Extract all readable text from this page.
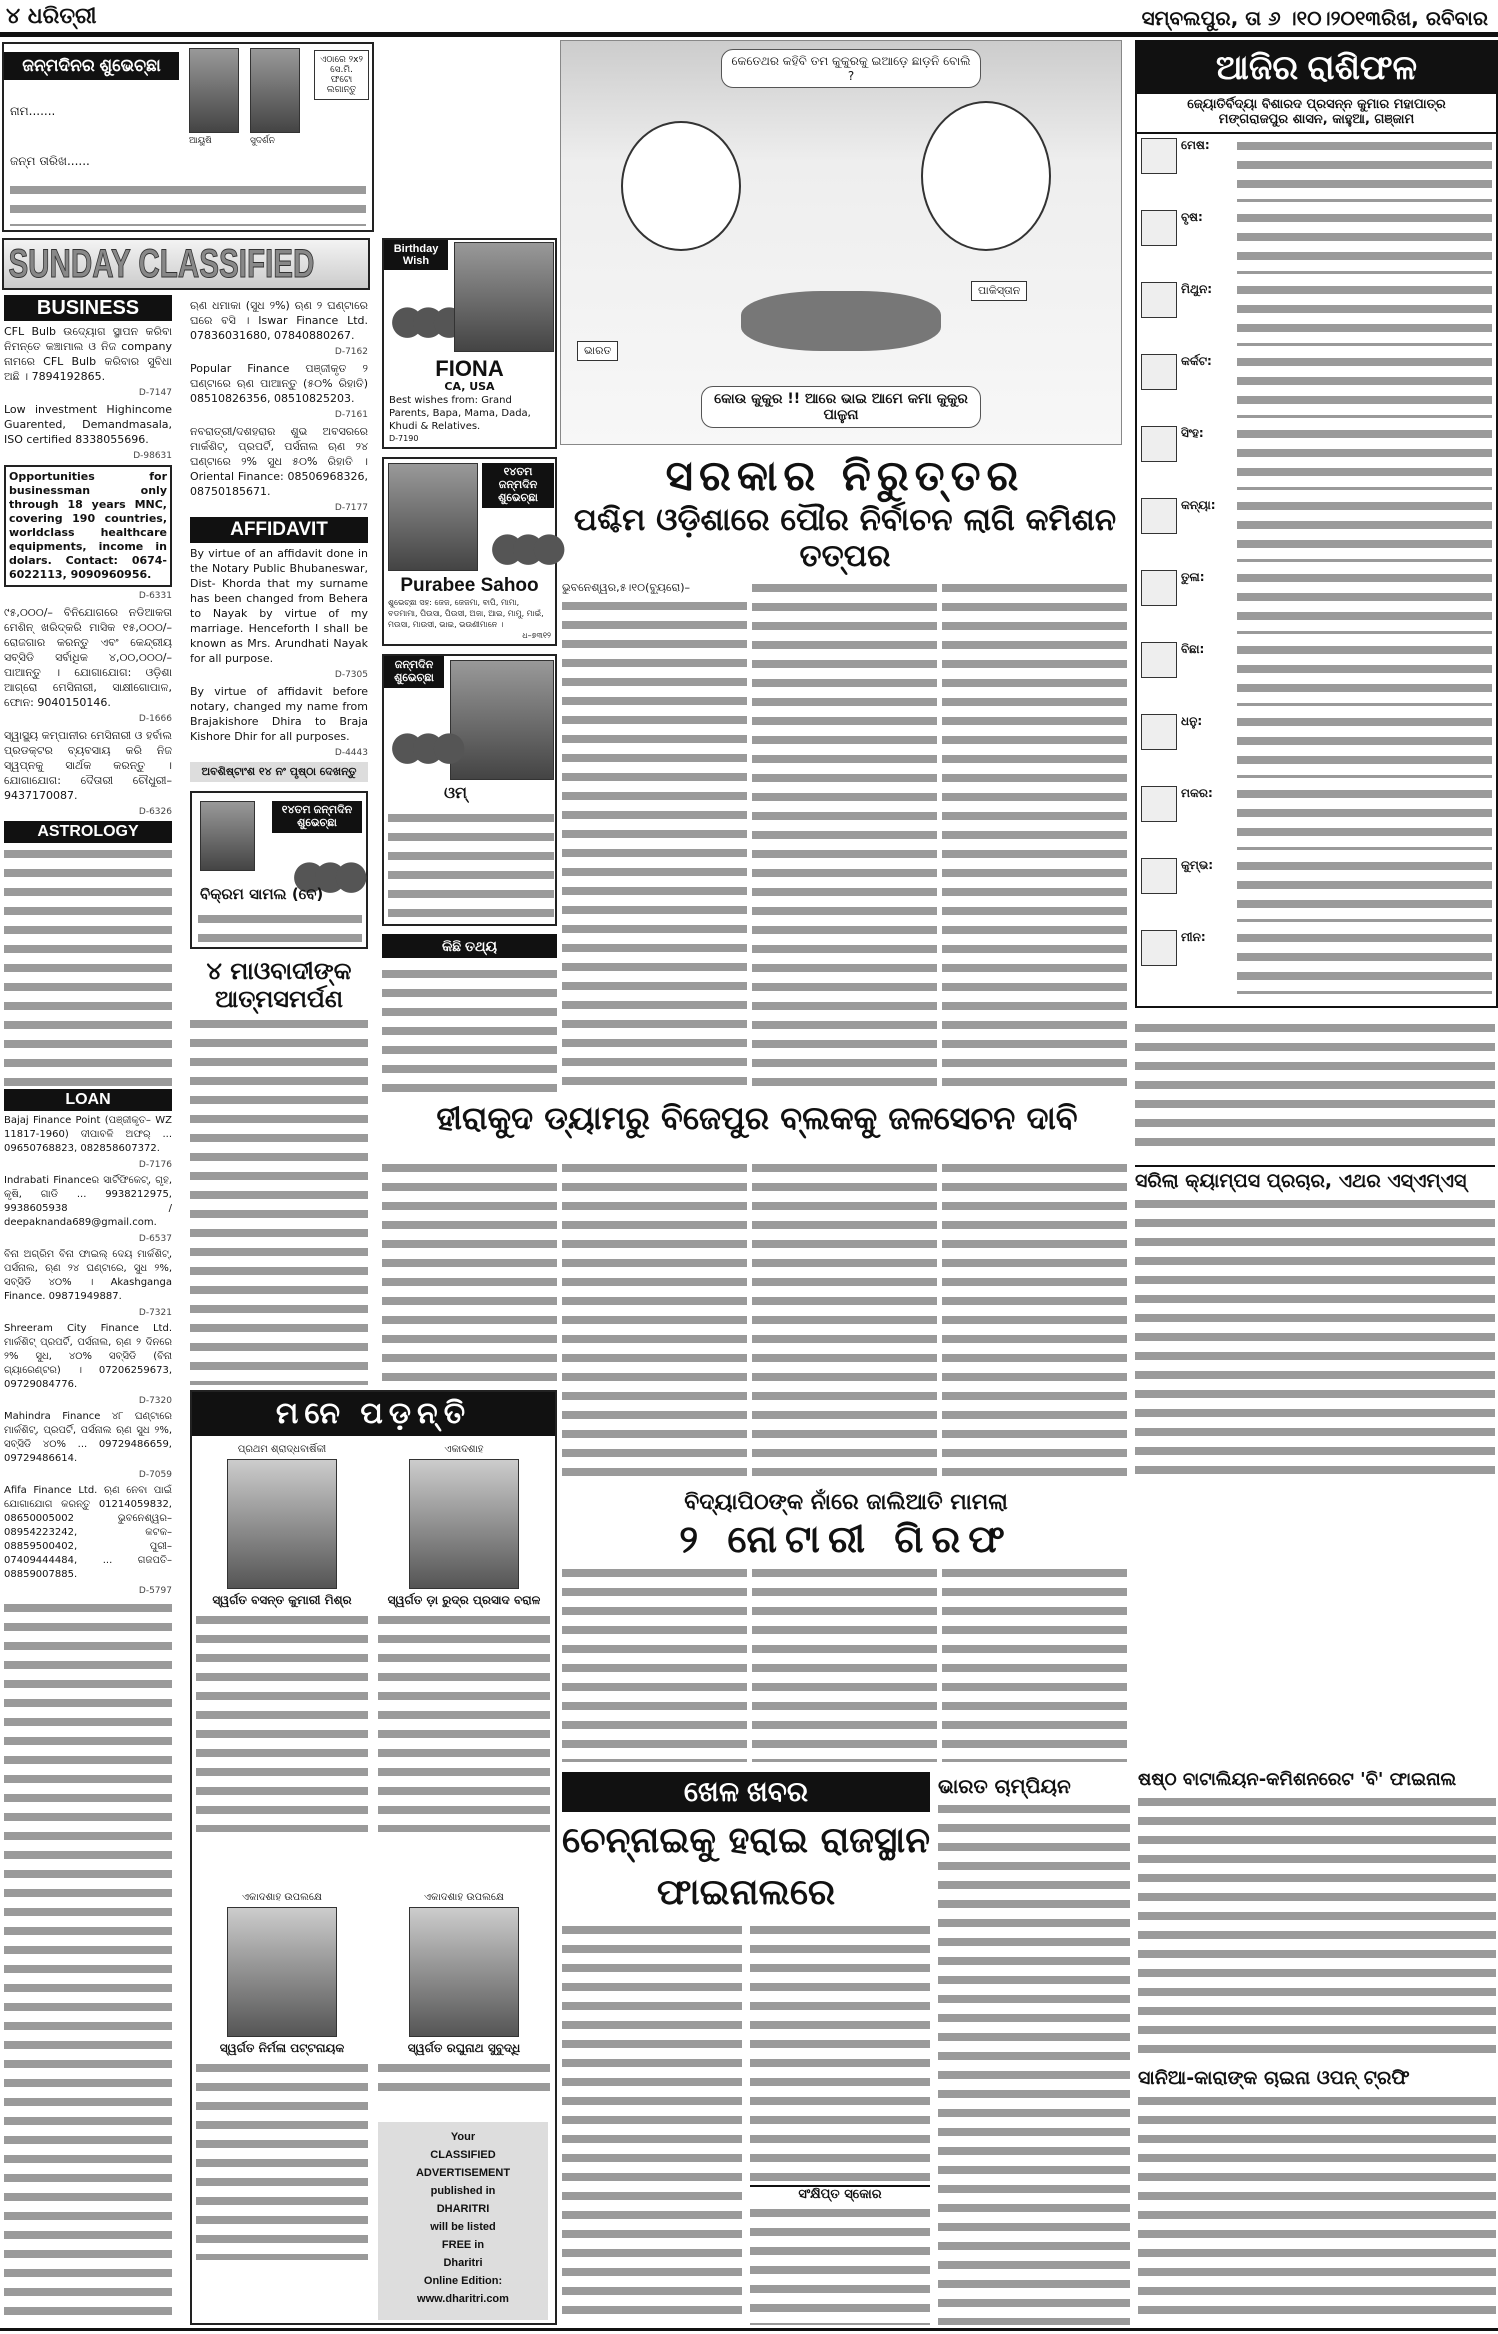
୪ ଧରିତ୍ରୀ	ସମ୍ବଲପୁର, ତା ୬ ।୧୦।୨୦୧୩ରିଖ, ରବିବାର
ଜନ୍ମଦିନର ଶୁଭେଚ୍ଛା
ନାମ.......
ଜନ୍ମ ତାରିଖ......
ଆୟୁଷି	ସୁଦର୍ଶନ
ଏଠାରେ ୨x୨ ସେ.ମି. ଫଟୋ ଲଗାନ୍ତୁ
SUNDAY CLASSIFIED
BUSINESS
CFL Bulb ଉଦ୍ୟୋଗ ସ୍ଥାପନ କରିବା ନିମନ୍ତେ କଞ୍ଚାମାଲ ଓ ନିଜ company ନାମରେ CFL Bulb କରିବାର ସୁବିଧା ଅଛି । 7894192865.
D-7147
Low investment Highincome Guarented, Demandmasala, ISO certified 8338055696.
D-98631
Opportunities for businessman only through 18 years MNC, covering 190 countries, worldclass healthcare equipments, income in dolars. Contact: 0674-6022113, 9090960956.
D-6331
୯୫,୦୦୦/– ବିନିଯୋଗରେ ନଡିଆକତା ମେଶିନ୍ ଖରିଦ୍‌କରି ମାସିକ ୧୫,୦୦୦/– ରୋଜଗାର କରନ୍ତୁ ଏବଂ କେନ୍ଦ୍ରୀୟ ସବ୍‌ସିଡି ସର୍ବାଧିକ ୪,୦୦,୦୦୦/– ପାଆନ୍ତୁ । ଯୋଗାଯୋଗ: ଓଡ଼ିଶା ଆଗ୍ରୋ ମେସିନାରୀ, ସାକ୍ଷୀଗୋପାଳ, ଫୋନ: 9040150146.
D-1666
ସ୍ୱାସ୍ଥ୍ୟ କମ୍ପାନୀର ମେସିନାରୀ ଓ ହର୍ବାଲ ପ୍ରଡକ୍ଟର ବ୍ୟବସାୟ କରି ନିଜ ସ୍ୱପ୍ନକୁ ସାର୍ଥକ କରନ୍ତୁ । ଯୋଗାଯୋଗ: ଦୈତାରୀ ଚୌଧୁରୀ– 9437170087.
D-6326
ASTROLOGY
LOAN
Bajaj Finance Point (ପଞ୍ଜୀକୃତ– WZ 11817-1960) ଦୀପାବଳି ଅଫର୍ ... 09650768823, 082858607372.
D-7176
Indrabati Financeର ସାର୍ଟିଫିକେଟ୍, ଗୃହ, କୃଷି, ଗାଡି ... 9938212975, 9938605938 / deepaknanda689@gmail.com.
D-6537
ବିନା ଅଗ୍ରିମ ବିନା ଫାଇଲ୍ ଦେୟ ମାର୍କଶିଟ୍, ପର୍ସନାଲ, ଋଣ ୨୪ ଘଣ୍ଟାରେ, ସୁଧ ୨%, ସବ୍‌ସିଡି ୪୦% । Akashganga Finance. 09871949887.
D-7321
Shreeram City Finance Ltd. ମାର୍କଶିଟ୍ ପ୍ରପର୍ଟି, ପର୍ସନାଲ, ଋଣ ୨ ଦିନରେ ୨% ସୁଧ, ୪୦% ସବ୍‌ସିଡି (ବିନା ଗ୍ୟାରେଣ୍ଟର) । 07206259673, 09729084776.
D-7320
Mahindra Finance ୪୮ ଘଣ୍ଟାରେ ମାର୍କଶିଟ୍, ପ୍ରପର୍ଟି, ପର୍ସନାଲ ଋଣ ସୁଧ ୨%, ସବ୍‌ସିଡି ୪୦% ... 09729486659, 09729486614.
D-7059
Afifa Finance Ltd. ଋଣ ନେବା ପାଇଁ ଯୋଗାଯୋଗ କରନ୍ତୁ 01214059832, 08650005002 ଭୁବନେଶ୍ୱର– 08954223242, କଟକ– 08859500402, ପୁରୀ– 07409444484, ... ଗଜପତି– 08859007885.
D-5797
ଋଣ ଧମାକା (ସୁଧ ୨%) ଋଣ ୨ ଘଣ୍ଟାରେ ଘରେ ବସି । Iswar Finance Ltd. 07836031680, 07840880267.
D-7162
Popular Finance ପଞ୍ଜୀକୃତ ୨ ଘଣ୍ଟାରେ ଋଣ ପାଆନ୍ତୁ (୫୦% ରିହାତି) 08510826356, 08510825203.
D-7161
ନବରାତ୍ରୀ/ଦଶହରାର ଶୁଭ ଅବସରରେ ମାର୍କଶିଟ୍, ପ୍ରପର୍ଟି, ପର୍ସନାଲ ଋଣ ୨୪ ଘଣ୍ଟାରେ ୨% ସୁଧ ୫୦% ରିହାତି । Oriental Finance: 08506968326, 08750185671.
D-7177
AFFIDAVIT
By virtue of an affidavit done in the Notary Public Bhubaneswar, Dist- Khorda that my surname has been changed from Behera to Nayak by virtue of my marriage. Henceforth I shall be known as Mrs. Arundhati Nayak for all purpose.
D-7305
By virtue of affidavit before notary, changed my name from Brajakishore Dhira to Braja Kishore Dhir for all purposes.
D-4443
ଅବଶିଷ୍ଟାଂଶ ୧୪ ନଂ ପୃଷ୍ଠା ଦେଖନ୍ତୁ
୧୪ତମ ଜନ୍ମଦିନ ଶୁଭେଚ୍ଛା
●●●
ବିକ୍ରମ ସାମଲ (ବେ)
୪ ମାଓବାଦୀଙ୍କ ଆତ୍ମସମର୍ପଣ
Birthday Wish
●●●
FIONA
CA, USA
Best wishes from: Grand Parents, Bapa, Mama, Dada, Khudi & Relatives.
D-7190
୧୪ତମ ଜନ୍ମଦିନ ଶୁଭେଚ୍ଛା
●●●
Purabee Sahoo
ଶୁଭେଚ୍ଛା ସହ: ଜେଜ, ଜେଜମା, ବାପି, ମାମା, ବଡମାମା, ପିଉସା, ପିଉସୀ, ଅଜା, ଆଇ, ମାମୁ, ମାଇଁ, ମଉସା, ମାଉସୀ, ଭାଇ, ଭଉଣୀମାନେ ।
ଧ–୭୩୧୨
ଜନ୍ମଦିନ ଶୁଭେଚ୍ଛା
●●●
ଓମ୍
କିଛି ତଥ୍ୟ
କେତେଥର କହିବି ତମ କୁକୁରକୁ ଇଆଡ଼େ ଛାଡ଼ନି ବୋଲି ?
ଭାରତ
ପାକିସ୍ତାନ
କୋଉ କୁକୁର !! ଆରେ ଭାଇ ଆମେ କମା କୁକୁର ପାଳୁନା
ସରକାର ନିରୁତ୍ତର
ପଶ୍ଚିମ ଓଡ଼ିଶାରେ ପୌର ନିର୍ବାଚନ ଲାଗି କମିଶନ ତତ୍ପର
ଭୁବନେଶ୍ୱର,୫।୧୦(ବ୍ୟୁରୋ)–
ହୀରାକୁଦ ଡ୍ୟାମରୁ ବିଜେପୁର ବ୍ଲକକୁ ଜଳସେଚନ ଦାବି
ଆଜିର ରାଶିଫଳ
ଜ୍ୟୋତିର୍ବିଦ୍ୟା ବିଶାରଦ ପ୍ରସନ୍ନ କୁମାର ମହାପାତ୍ର
ମଙ୍ଗରାଜପୁର ଶାସନ, କାହୁଆ, ଗଞ୍ଜାମ
ମେଷ:
ବୃଷ:
ମିଥୁନ:
କର୍କଟ:
ସିଂହ:
କନ୍ୟା:
ତୁଳା:
ବିଛା:
ଧନୁ:
ମକର:
କୁମ୍ଭ:
ମୀନ:
ସରିଲା କ୍ୟାମ୍ପସ ପ୍ରଚାର, ଏଥର ଏସ୍‌ଏମ୍‌ଏସ୍
ମନେ ପଡ଼ନ୍ତି
ପ୍ରଥମ ଶ୍ରାଦ୍ଧବାର୍ଷିକୀ
ସ୍ୱର୍ଗତ ବସନ୍ତ କୁମାରୀ ମିଶ୍ର
ଏକାଦଶାହ
ସ୍ୱର୍ଗତ ଡ଼ା ରୁଦ୍ର ପ୍ରସାଦ ବରାଳ
ଏକାଦଶାହ ଉପଲକ୍ଷେ
ସ୍ୱର୍ଗତ ନିର୍ମଳା ପଟ୍ଟନାୟକ
ଏକାଦଶାହ ଉପଲକ୍ଷେ
ସ୍ୱର୍ଗତ ରଘୁନାଥ ସୁବୁଦ୍ଧି
Your
CLASSIFIED
ADVERTISEMENT
published in
DHARITRI
will be listed
FREE in
Dharitri
Online Edition:
www.dharitri.com
ବିଦ୍ୟାପିଠଙ୍କ ନାଁରେ ଜାଲିଆତି ମାମଲା
୨ ନୋଟାରୀ ଗିରଫ
ଖେଳ ଖବର
ଚେନ୍ନାଇକୁ ହରାଇ ରାଜସ୍ଥାନ ଫାଇନାଲରେ
ସଂକ୍ଷିପ୍ତ ସ୍କୋର
ଭାରତ ଚାମ୍ପିୟନ	ଷଷ୍ଠ ବାଟାଲିୟନ-କମିଶନରେଟ 'ବି' ଫାଇନାଲ
ସାନିଆ-କାରାଙ୍କ ଚାଇନା ଓପନ୍ ଟ୍ରଫି
